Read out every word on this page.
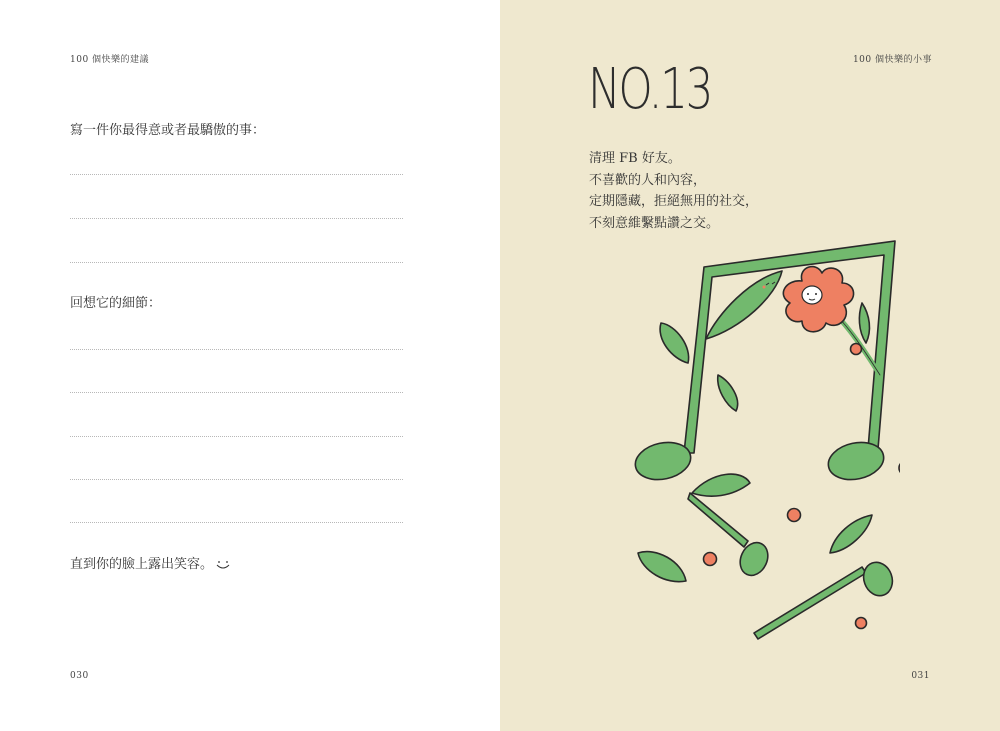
100 個快樂的建議
寫一件你最得意或者最驕傲的事：
回想它的細節：
直到你的臉上露出笑容。
030
100 個快樂的小事
NO.13
清理 FB 好友。
不喜歡的人和內容，
定期隱藏，拒絕無用的社交，
不刻意維繫點讚之交。
031
